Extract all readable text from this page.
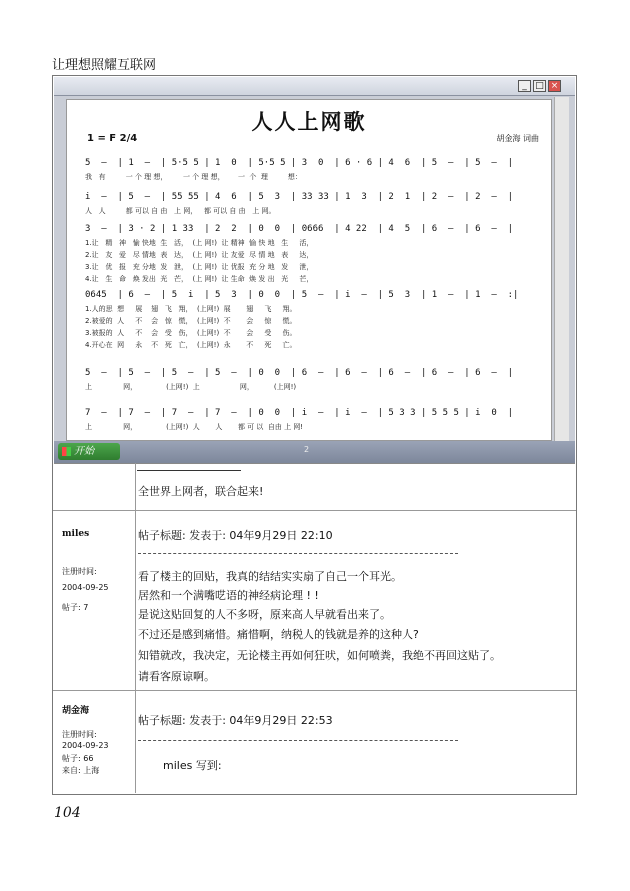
让理想照耀互联网
_ □ ×
人人上网歌
1 = F 2/4	胡金海 词曲
5  –  | 1  –  | 5·5 5 | 1  0  | 5·5 5 | 3  0  | 6 · 6 | 4  6  | 5  –  | 5  –  |
我   有         一 个 理 想，       一 个 理 想，      一  个  理         想：
i  –  | 5  –  | 55 55 | 4  6  | 5  3  | 33 33 | 1  3  | 2  1  | 2  –  | 2  –  |
人   人         都 可以 自 由   上 网，   都 可以 自 由   上 网。
3  –  | 3 · 2 | 1 33  | 2  2  | 0  0  | 0666  | 4 22  | 4  5  | 6  –  | 6  –  |
1.让   精   神   愉 快地  生   活，  (上 网!)  让 精神  愉 快 地   生     活，
2.让   友   爱   尽 情地  表   达，  (上 网!)  让 友爱  尽 情 地   表     达，
3.让   优   报   充 分地  发   泄，  (上 网!)  让 优报  充 分 地   发     泄，
4.让   生   命   焕 发出  光   芒，  (上 网!)  让 生命  焕 发 出   光     芒，
0645  | 6  –  | 5  i  | 5  3  | 0  0  | 5  –  | i  –  | 5  3  | 1  –  | 1  –  :|
1.人的思  想     展    翅   飞   翔，  (上网!)  展       翅     飞     翔。
2.被爱的  人     不    会   惊   慌，  (上网!)  不       会     惊     慌。
3.被报的  人     不    会   受   伤，  (上网!)  不       会     受     伤。
4.开心在  网     永    不   死   亡，  (上网!)  永       不     死     亡。
5  –  | 5  –  | 5  –  | 5  –  | 0  0  | 6  –  | 6  –  | 6  –  | 6  –  | 6  –  |
上              网，             (上网!)  上                  网，         (上网!)
7  –  | 7  –  | 7  –  | 7  –  | 0  0  | i  –  | i  –  | 5 3 3 | 5 5 5 | i  0  |
上              网，             (上网!)  人       人       都 可 以  自由 上 网!
开始	2
全世界上网者，联合起来!
miles
注册时间:
2004-09-25
帖子: 7
帖子标题: 发表于: 04年9月29日 22:10
看了楼主的回贴，我真的结结实实扇了自己一个耳光。
居然和一个满嘴呓语的神经病论理 ! !
是说这贴回复的人不多呀，原来高人早就看出来了。
不过还是感到痛惜。痛惜啊，纳税人的钱就是养的这种人?
知错就改，我决定，无论楼主再如何狂吠，如何喷粪，我绝不再回这贴了。
请看客原谅啊。
胡金海
注册时间:
2004-09-23
帖子: 66
来自: 上海
帖子标题: 发表于: 04年9月29日 22:53
miles 写到:
104
